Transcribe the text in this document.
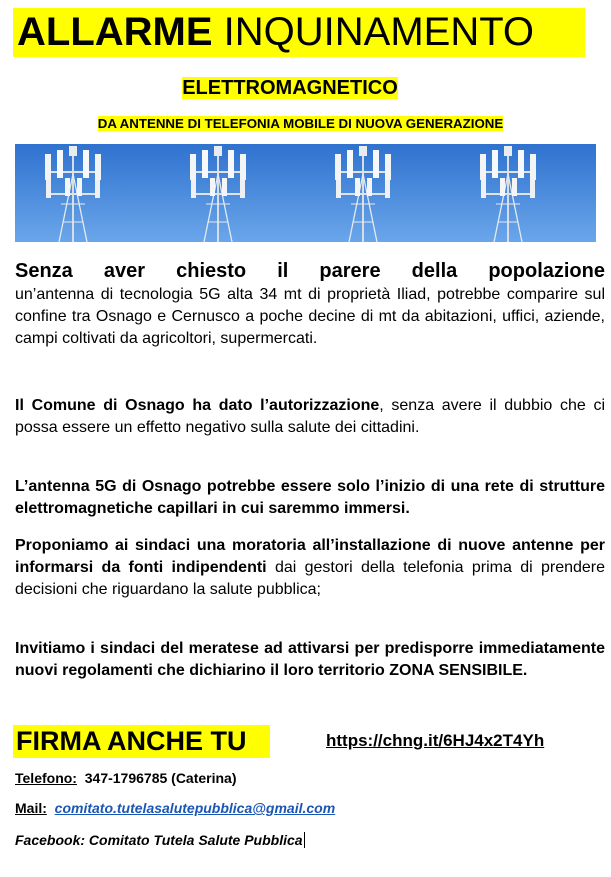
ALLARME INQUINAMENTO
ELETTROMAGNETICO
DA ANTENNE DI TELEFONIA MOBILE DI NUOVA GENERAZIONE
Senza aver chiesto il parere della popolazione
un’antenna di tecnologia 5G alta 34 mt di proprietà Iliad, potrebbe comparire sul confine tra Osnago e Cernusco a poche decine di mt da abitazioni, uffici, aziende, campi coltivati da agricoltori, supermercati.
Il Comune di Osnago ha dato l’autorizzazione, senza avere il dubbio che ci possa essere un effetto negativo sulla salute dei cittadini.
L’antenna 5G di Osnago potrebbe essere solo l’inizio di una rete di strutture elettromagnetiche capillari in cui saremmo immersi.
Proponiamo ai sindaci una moratoria all’installazione di nuove antenne per informarsi da fonti indipendenti dai gestori della telefonia prima di prendere decisioni che riguardano la salute pubblica;
Invitiamo i sindaci del meratese ad attivarsi per predisporre immediatamente nuovi regolamenti che dichiarino il loro territorio ZONA SENSIBILE.
FIRMA ANCHE TU	https://chng.it/6HJ4x2T4Yh
Telefono:  347-1796785 (Caterina)
Mail: comitato.tutelasalutepubblica@gmail.com
Facebook: Comitato Tutela Salute Pubblica
